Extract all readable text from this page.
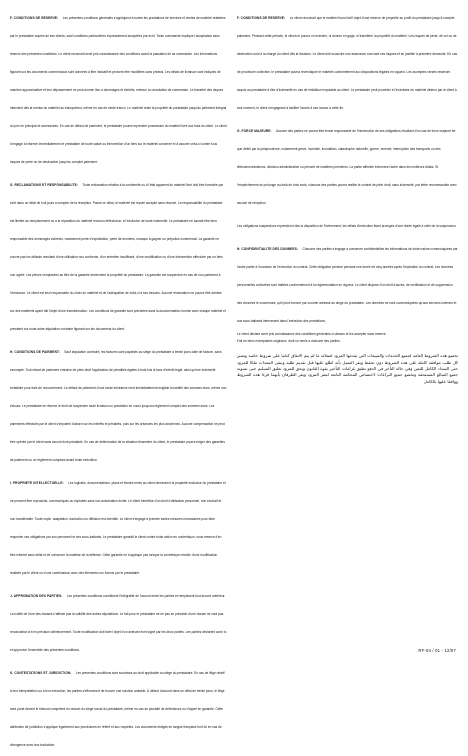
F. CONDITIONS DE RESERVE: Les présentes conditions générales s'appliquent à toutes les prestations de services et ventes de matériel réalisées par le prestataire auprès de ses clients, sauf conditions particulières expressément acceptées par écrit. Toute commande implique l'acceptation sans réserve des présentes conditions. Le client reconnaît avoir pris connaissance des conditions avant la passation de sa commande. Les informations figurant sur les documents commerciaux sont données à titre indicatif et peuvent être modifiées sans préavis. Les délais de livraison sont indiqués de manière approximative et leur dépassement ne peut donner lieu à dommages et intérêts, retenue ou annulation de commande. Le transfert des risques intervient dès la remise du matériel au transporteur, même en cas de vente franco. Le matériel reste la propriété du prestataire jusqu'au paiement intégral du prix en principal et accessoires. En cas de défaut de paiement, le prestataire pourra reprendre possession du matériel livré aux frais du client. Le client s'engage à informer immédiatement le prestataire de toute saisie ou intervention d'un tiers sur le matériel concerné et à assurer celui-ci contre tous risques de perte ou de destruction jusqu'au complet paiement.
G. RECLAMATIONS ET RESPONSABILITE: Toute réclamation relative à la conformité ou à l'état apparent du matériel livré doit être formulée par écrit dans un délai de huit jours à compter de la réception. Passé ce délai, le matériel est réputé accepté sans réserve. La responsabilité du prestataire est limitée au remplacement ou à la réparation du matériel reconnu défectueux, à l'exclusion de toute indemnité. Le prestataire ne saurait être tenu responsable des dommages indirects, notamment perte d'exploitation, perte de données, manque à gagner ou préjudice commercial. La garantie ne couvre pas les défauts résultant d'une utilisation non conforme, d'un entretien insuffisant, d'une modification ou d'une intervention effectuée par un tiers non agréé. Les pièces remplacées au titre de la garantie deviennent la propriété du prestataire. La garantie est suspendue en cas de non-paiement à l'échéance. Le client est seul responsable du choix du matériel et de l'adéquation de celui-ci à ses besoins. Aucune réclamation ne pourra être admise sur des matériels ayant fait l'objet d'une transformation. Les conditions de garantie sont précisées dans la documentation fournie avec chaque matériel et prévalent sur toute autre stipulation contraire figurant sur les documents du client.
H. CONDITIONS DE PAIEMENT: Sauf stipulation contraire, les factures sont payables au siège du prestataire à trente jours date de facture, sans escompte. Tout retard de paiement entraîne de plein droit l'application de pénalités égales à trois fois le taux d'intérêt légal, ainsi qu'une indemnité forfaitaire pour frais de recouvrement. Le défaut de paiement d'une seule échéance rend immédiatement exigible la totalité des sommes dues, même non échues. Le prestataire se réserve le droit de suspendre toute livraison ou prestation en cours jusqu'au règlement complet des sommes dues. Les paiements effectués par le client s'imputent d'abord sur les intérêts et pénalités, puis sur les créances les plus anciennes. Aucune compensation ne peut être opérée par le client sans accord écrit préalable. En cas de détérioration de la situation financière du client, le prestataire pourra exiger des garanties de paiement ou un règlement comptant avant toute exécution.
I. PROPRIETE INTELLECTUELLE: Les logiciels, documentations, plans et études remis au client demeurent la propriété exclusive du prestataire et ne peuvent être reproduits, communiqués ou exploités sans son autorisation écrite. Le client bénéficie d'un droit d'utilisation personnel, non exclusif et non transférable. Toute copie, adaptation, traduction ou diffusion est interdite. Le client s'engage à prendre toutes mesures nécessaires pour faire respecter ces obligations par son personnel et ses sous-traitants. Le prestataire garantit le client contre toute action en contrefaçon, sous réserve d'en être informé sans délai et de conserver la maîtrise de la défense. Cette garantie ne s'applique pas lorsque la contrefaçon résulte d'une modification réalisée par le client ou d'une combinaison avec des éléments non fournis par le prestataire.
J. APPROBATION DES PARTIES: Les présentes conditions constituent l'intégralité de l'accord entre les parties et remplacent tout accord antérieur. La nullité de l'une des clauses n'affecte pas la validité des autres stipulations. Le fait pour le prestataire de ne pas se prévaloir d'une clause ne vaut pas renonciation à s'en prévaloir ultérieurement. Toute modification doit faire l'objet d'un avenant écrit signé par les deux parties. Les parties déclarent avoir lu et approuvé l'ensemble des présentes conditions.
K. CONTESTATIONS ET JURIDICTION: Les présentes conditions sont soumises au droit applicable au siège du prestataire. En cas de litige relatif à leur interprétation ou à leur exécution, les parties s'efforceront de trouver une solution amiable. À défaut d'accord dans un délai de trente jours, le litige sera porté devant le tribunal compétent du ressort du siège social du prestataire, même en cas de pluralité de défendeurs ou d'appel en garantie. Cette attribution de juridiction s'applique également aux procédures en référé et aux requêtes. Les documents rédigés en langue française font foi en cas de divergence avec leur traduction.
F. CONDITIONS DE RESERVE: Le client reconnaît que le matériel fourni fait l'objet d'une réserve de propriété au profit du prestataire jusqu'à complet paiement. Pendant cette période, le client ne pourra ni revendre, ni donner en gage, ni transférer la propriété du matériel. Les risques de perte, de vol ou de destruction sont à la charge du client dès la livraison. Le client doit souscrire une assurance couvrant ces risques et en justifier à première demande. En cas de procédure collective, le prestataire pourra revendiquer le matériel conformément aux dispositions légales en vigueur. Les acomptes versés resteront acquis au prestataire à titre d'indemnité en cas de résiliation imputable au client. Le prestataire peut procéder à l'inventaire du matériel détenu par le client à tout moment, le client s'engageant à faciliter l'accès à ses locaux à cette fin.
G. FORCE MAJEURE: Aucune des parties ne pourra être tenue responsable de l'inexécution de ses obligations résultant d'un cas de force majeure tel que défini par la jurisprudence, notamment grève, incendie, inondation, catastrophe naturelle, guerre, émeute, interruption des transports ou des télécommunications, décision administrative ou pénurie de matières premières. La partie affectée informera l'autre dans les meilleurs délais. Si l'empêchement se prolonge au-delà de trois mois, chacune des parties pourra résilier le contrat de plein droit, sans indemnité, par lettre recommandée avec accusé de réception.
Les obligations suspendues reprendront dès la disparition de l'événement, les délais d'exécution étant prorogés d'une durée égale à celle de la suspension.
H. CONFIDENTIALITE DES DONNEES: Chacune des parties s'engage à conserver confidentielles les informations de toute nature communiquées par l'autre partie à l'occasion de l'exécution du contrat. Cette obligation perdure pendant une durée de cinq années après l'expiration du contrat. Les données personnelles collectées sont traitées conformément à la réglementation en vigueur. Le client dispose d'un droit d'accès, de rectification et de suppression des données le concernant, qu'il peut exercer par courrier adressé au siège du prestataire. Les données ne sont communiquées qu'aux services internes et aux sous-traitants intervenant dans l'exécution des prestations.

Le client déclare avoir pris connaissance des conditions générales ci-dessus et les accepter sans réserve.

Fait en deux exemplaires originaux, dont un remis à chacune des parties.

تخضع هذه الشروط العامة لجميع الخدمات والمبيعات التي يقدمها المزود لعملائه ما لم يتم الاتفاق كتابيا على شروط خاصة ويعتبر كل طلب موافقة كاملة على هذه الشروط دون تحفظ ويقر العميل بأنه اطلع عليها قبل تقديم طلبه وتبقى المعدات ملكا للمزود حتى السداد الكامل للثمن وفي حالة التأخر في الدفع تطبق غرامات التأخير بقوة القانون ويحق للمزود تعليق التسليم حتى تسوية جميع المبالغ المستحقة وتخضع جميع النزاعات لاختصاص المحكمة التابعة لمقر المزود ويقر الطرفان بأنهما قرءا هذه الشروط ووافقا عليها بالكامل
RF-04 / 01 - 12/07
